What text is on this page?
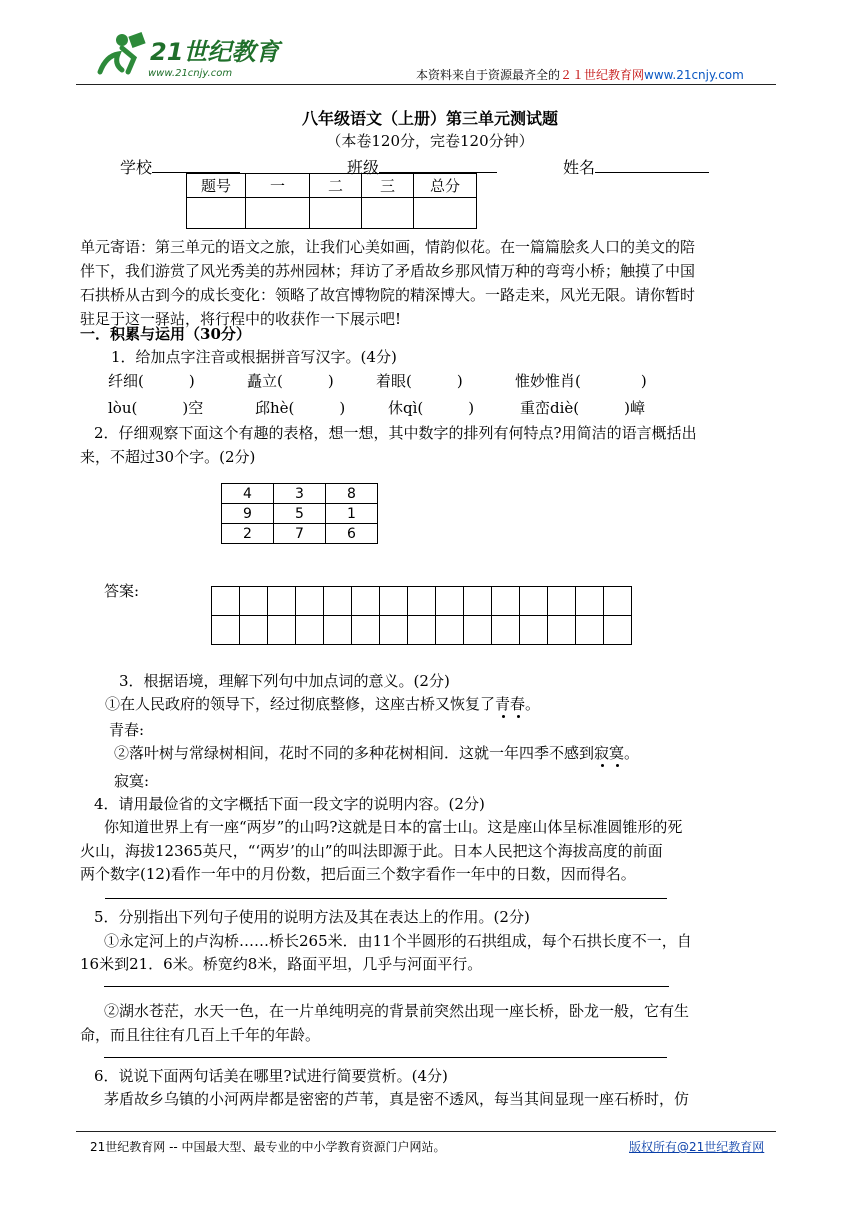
21世纪教育
www.21cnjy.com	本资料来自于资源最齐全的２１世纪教育网www.21cnjy.com
八年级语文（上册）第三单元测试题
（本卷120分，完卷120分钟）
学校	班级	姓名
题号	一	二	三	总分

单元寄语：第三单元的语文之旅，让我们心美如画，情韵似花。在一篇篇脍炙人口的美文的陪
伴下，我们游赏了风光秀美的苏州园林；拜访了矛盾故乡那风情万种的弯弯小桥；触摸了中国
石拱桥从古到今的成长变化：领略了故宫博物院的精深博大。一路走来，风光无限。请你暂时
驻足于这一驿站，将行程中的收获作一下展示吧!
一．积累与运用（30分）
1．给加点字注音或根据拼音写汉字。(4分)
纤细(　　　)	矗立(　　　)	着眼(　　　)	惟妙惟肖(　　　　)
lòu(　　　)空	邱hè(　　　)	休qì(　　　)	重峦diè(　　　)嶂
2．仔细观察下面这个有趣的表格，想一想，其中数字的排列有何特点?用简洁的语言概括出
来，不超过30个字。(2分)
4	3	8
9	5	1
2	7	6
答案:

3．根据语境，理解下列句中加点词的意义。(2分)
①在人民政府的领导下，经过彻底整修，这座古桥又恢复了青春。
青春:
②落叶树与常绿树相间，花时不同的多种花树相间．这就一年四季不感到寂寞。
寂寞:
4．请用最俭省的文字概括下面一段文字的说明内容。(2分)
你知道世界上有一座“两岁”的山吗?这就是日本的富士山。这是座山体呈标准圆锥形的死
火山，海拔12365英尺，“‘两岁’的山”的叫法即源于此。日本人民把这个海拔高度的前面
两个数字(12)看作一年中的月份数，把后面三个数字看作一年中的日数，因而得名。
5．分别指出下列句子使用的说明方法及其在表达上的作用。(2分)
①永定河上的卢沟桥……桥长265米．由11个半圆形的石拱组成，每个石拱长度不一，自
16米到21．6米。桥宽约8米，路面平坦，几乎与河面平行。
②湖水苍茫，水天一色，在一片单纯明亮的背景前突然出现一座长桥，卧龙一般，它有生
命，而且往往有几百上千年的年龄。
6．说说下面两句话美在哪里?试进行简要赏析。(4分)
茅盾故乡乌镇的小河两岸都是密密的芦苇，真是密不透风，每当其间显现一座石桥时，仿
21世纪教育网 -- 中国最大型、最专业的中小学教育资源门户网站。	版权所有@21世纪教育网
